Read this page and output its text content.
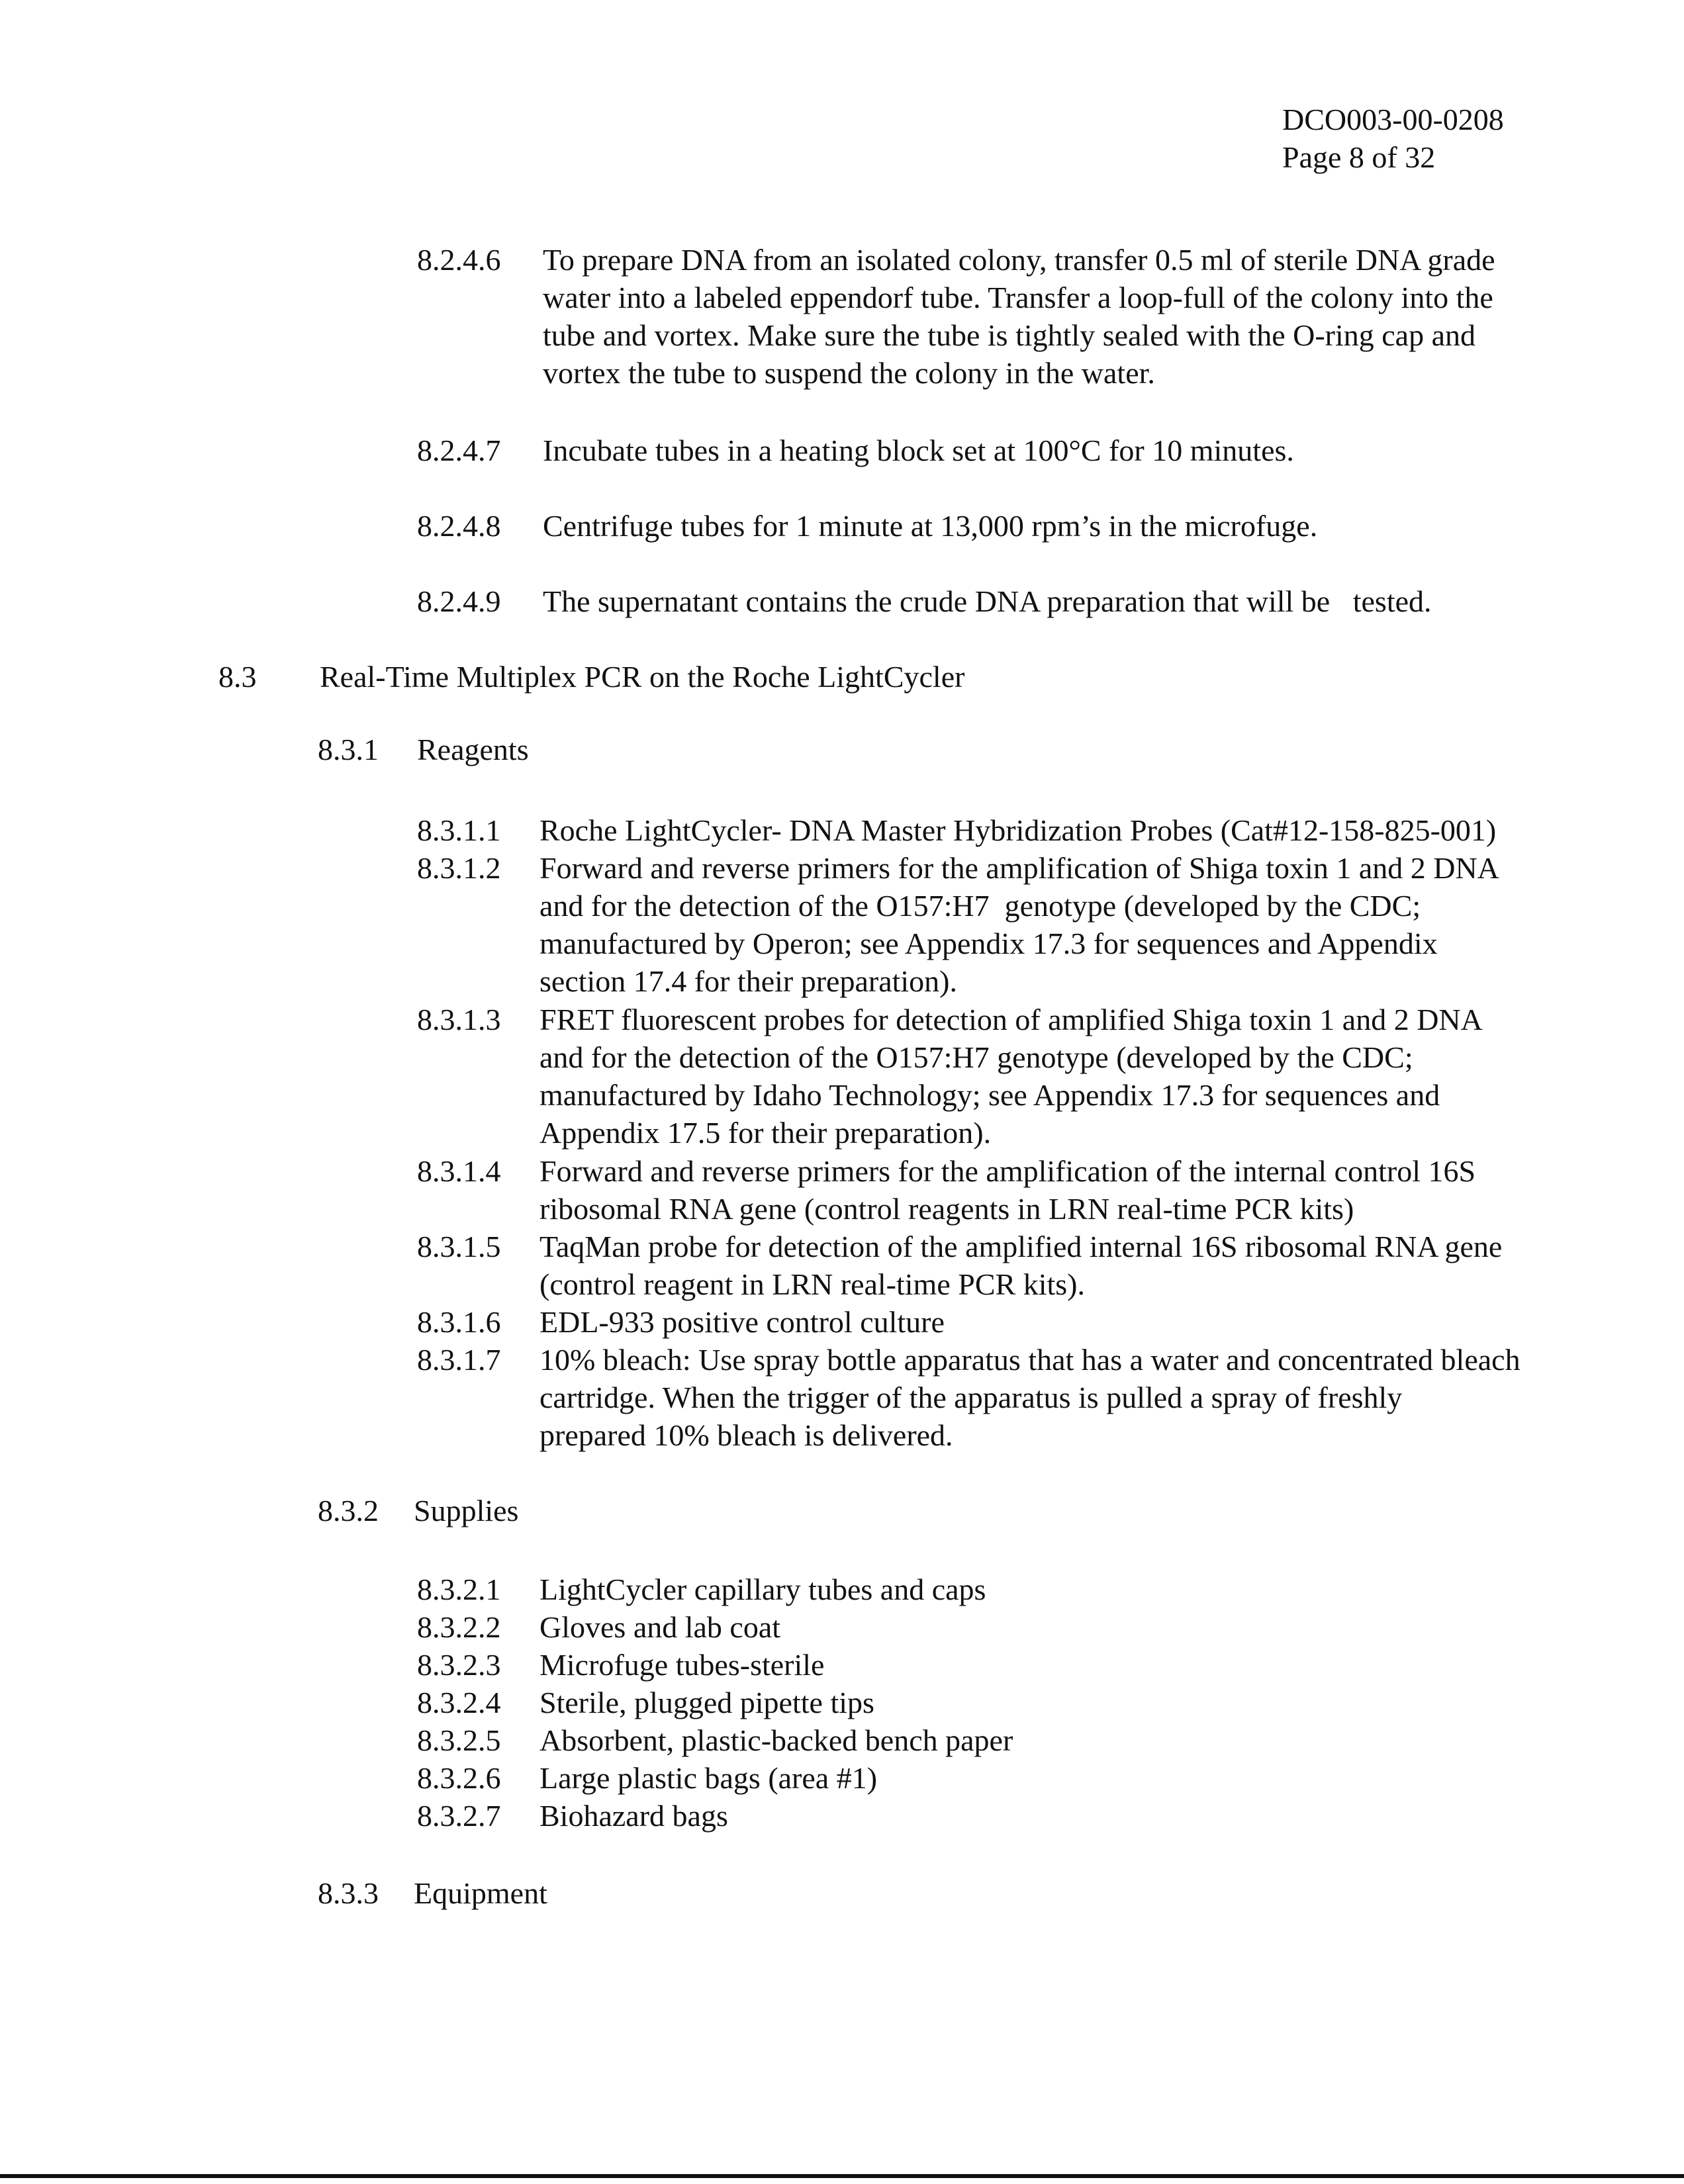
DCO003-00-0208
Page 8 of 32
8.2.4.6 To prepare DNA from an isolated colony, transfer 0.5 ml of sterile DNA grade
water into a labeled eppendorf tube. Transfer a loop-full of the colony into the
tube and vortex. Make sure the tube is tightly sealed with the O-ring cap and
vortex the tube to suspend the colony in the water.
8.2.4.7 Incubate tubes in a heating block set at 100°C for 10 minutes.
8.2.4.8 Centrifuge tubes for 1 minute at 13,000 rpm’s in the microfuge.
8.2.4.9 The supernatant contains the crude DNA preparation that will be   tested.
8.3 Real-Time Multiplex PCR on the Roche LightCycler
8.3.1 Reagents
8.3.1.1 Roche LightCycler- DNA Master Hybridization Probes (Cat#12-158-825-001)
8.3.1.2 Forward and reverse primers for the amplification of Shiga toxin 1 and 2 DNA
and for the detection of the O157:H7  genotype (developed by the CDC;
manufactured by Operon; see Appendix 17.3 for sequences and Appendix
section 17.4 for their preparation).
8.3.1.3 FRET fluorescent probes for detection of amplified Shiga toxin 1 and 2 DNA
and for the detection of the O157:H7 genotype (developed by the CDC;
manufactured by Idaho Technology; see Appendix 17.3 for sequences and
Appendix 17.5 for their preparation).
8.3.1.4 Forward and reverse primers for the amplification of the internal control 16S
ribosomal RNA gene (control reagents in LRN real-time PCR kits)
8.3.1.5 TaqMan probe for detection of the amplified internal 16S ribosomal RNA gene
(control reagent in LRN real-time PCR kits).
8.3.1.6 EDL-933 positive control culture
8.3.1.7 10% bleach: Use spray bottle apparatus that has a water and concentrated bleach
cartridge. When the trigger of the apparatus is pulled a spray of freshly
prepared 10% bleach is delivered.
8.3.2 Supplies
8.3.2.1 LightCycler capillary tubes and caps
8.3.2.2 Gloves and lab coat
8.3.2.3 Microfuge tubes-sterile
8.3.2.4 Sterile, plugged pipette tips
8.3.2.5 Absorbent, plastic-backed bench paper
8.3.2.6 Large plastic bags (area #1)
8.3.2.7 Biohazard bags
8.3.3 Equipment
